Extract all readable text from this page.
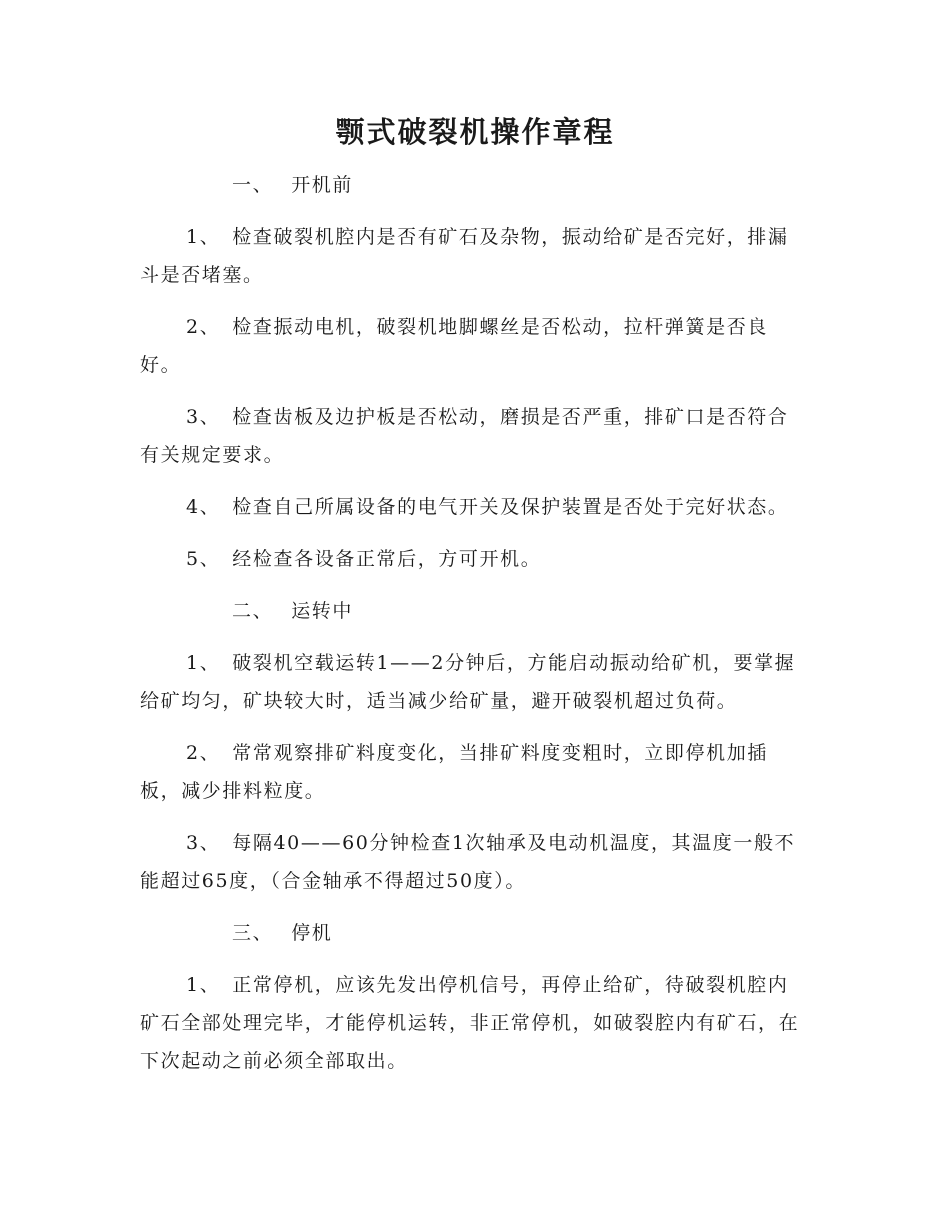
颚式破裂机操作章程

一、 开机前

1、 检查破裂机腔内是否有矿石及杂物，振动给矿是否完好，排漏斗是否堵塞。

2、 检查振动电机，破裂机地脚螺丝是否松动，拉杆弹簧是否良好。

3、 检查齿板及边护板是否松动，磨损是否严重，排矿口是否符合有关规定要求。

4、 检查自己所属设备的电气开关及保护装置是否处于完好状态。

5、 经检查各设备正常后，方可开机。

二、 运转中

1、 破裂机空载运转1——2分钟后，方能启动振动给矿机，要掌握给矿均匀，矿块较大时，适当减少给矿量，避开破裂机超过负荷。

2、 常常观察排矿料度变化，当排矿料度变粗时，立即停机加插板，减少排料粒度。

3、 每隔40——60分钟检查1次轴承及电动机温度，其温度一般不能超过65度，（合金轴承不得超过50度）。

三、 停机

1、 正常停机，应该先发出停机信号，再停止给矿，待破裂机腔内矿石全部处理完毕，才能停机运转，非正常停机，如破裂腔内有矿石，在下次起动之前必须全部取出。
